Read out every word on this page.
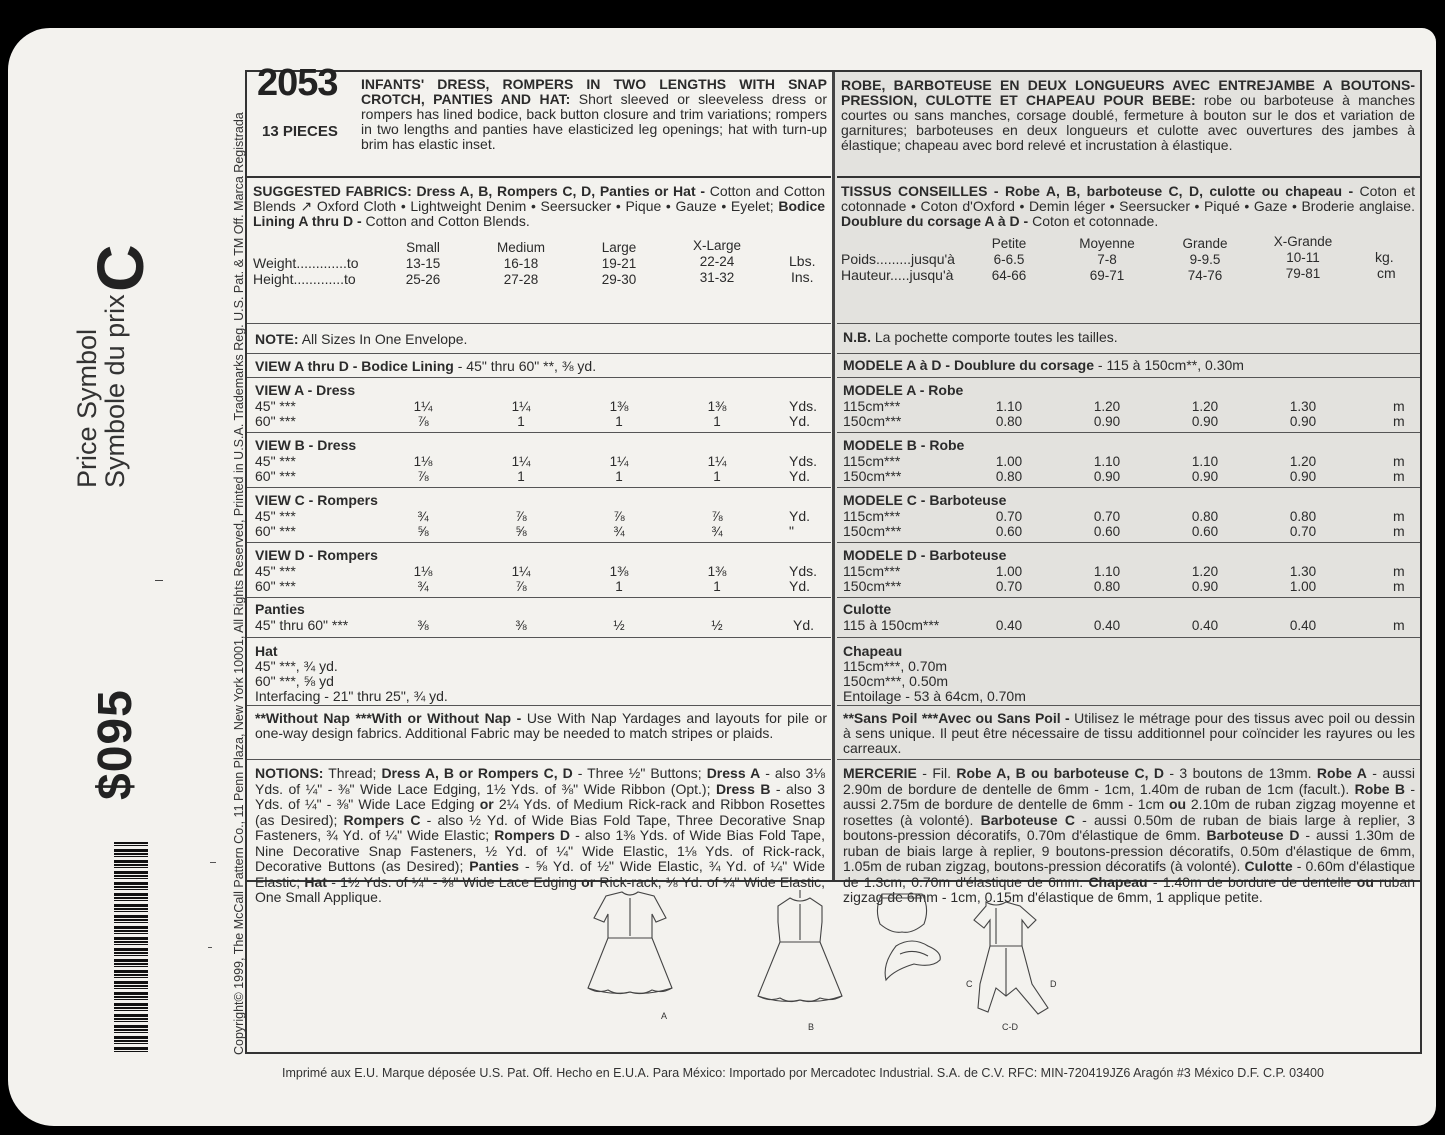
C
Price Symbol
Symbole du prix
$095	Copyright© 1999, The McCall Pattern Co., 11 Penn Plaza, New York 10001, All Rights Reserved, Printed in U.S.A. Trademarks Reg. U.S. Pat. & TM Off. Marca Registrada
2053
13 PIECES
INFANTS' DRESS, ROMPERS IN TWO LENGTHS WITH SNAP CROTCH, PANTIES AND HAT: Short sleeved or sleeveless dress or rompers has lined bodice, back button closure and trim variations; rompers in two lengths and panties have elasticized leg openings; hat with turn-up brim has elastic inset.
SUGGESTED FABRICS: Dress A, B, Rompers C, D, Panties or Hat - Cotton and Cotton Blends ↗ Oxford Cloth • Lightweight Denim • Seersucker • Pique • Gauze • Eyelet; Bodice Lining A thru D - Cotton and Cotton Blends.
Small	Medium	Large	X-Large
Weight.............to	13-15	16-18	19-21	22-24	Lbs.
Height.............to	25-26	27-28	29-30	31-32	Ins.
NOTE: All Sizes In One Envelope.
VIEW A thru D - Bodice Lining - 45" thru 60" **, ⅜ yd.
VIEW A - Dress
45" ***	1¼	1¼	1⅜	1⅜	Yds.
60" ***	⅞	1	1	1	Yd.
VIEW B - Dress
45" ***	1⅛	1¼	1¼	1¼	Yds.
60" ***	⅞	1	1	1	Yd.
VIEW C - Rompers
45" ***	¾	⅞	⅞	⅞	Yd.
60" ***	⅝	⅝	¾	¾	"
VIEW D - Rompers
45" ***	1⅛	1¼	1⅜	1⅜	Yds.
60" ***	¾	⅞	1	1	Yd.
Panties
45" thru 60" ***	⅜	⅜	½	½	Yd.
Hat
45" ***, ¾ yd.
60" ***, ⅝ yd
Interfacing - 21" thru 25", ¾ yd.
**Without Nap ***With or Without Nap - Use With Nap Yardages and layouts for pile or one-way design fabrics. Additional Fabric may be needed to match stripes or plaids.
NOTIONS: Thread; Dress A, B or Rompers C, D - Three ½" Buttons; Dress A - also 3⅛ Yds. of ¼" - ⅜" Wide Lace Edging, 1½ Yds. of ⅜" Wide Ribbon (Opt.); Dress B - also 3 Yds. of ¼" - ⅜" Wide Lace Edging or 2¼ Yds. of Medium Rick-rack and Ribbon Rosettes (as Desired); Rompers C - also ½ Yd. of Wide Bias Fold Tape, Three Decorative Snap Fasteners, ¾ Yd. of ¼" Wide Elastic; Rompers D - also 1⅜ Yds. of Wide Bias Fold Tape, Nine Decorative Snap Fasteners, ½ Yd. of ¼" Wide Elastic, 1⅛ Yds. of Rick-rack, Decorative Buttons (as Desired); Panties - ⅝ Yd. of ½" Wide Elastic, ¾ Yd. of ¼" Wide Elastic; Hat - 1½ Yds. of ¼" - ⅜" Wide Lace Edging or Rick-rack, ⅛ Yd. of ¼" Wide Elastic, One Small Applique.
ROBE, BARBOTEUSE EN DEUX LONGUEURS AVEC ENTREJAMBE A BOUTONS-PRESSION, CULOTTE ET CHAPEAU POUR BEBE: robe ou barboteuse à manches courtes ou sans manches, corsage doublé, fermeture à bouton sur le dos et variation de garnitures; barboteuses en deux longueurs et culotte avec ouvertures des jambes à élastique; chapeau avec bord relevé et incrustation à élastique.
TISSUS CONSEILLES - Robe A, B, barboteuse C, D, culotte ou chapeau - Coton et cotonnade • Coton d'Oxford • Demin léger • Seersucker • Piqué • Gaze • Broderie anglaise. Doublure du corsage A à D - Coton et cotonnade.
Petite	Moyenne	Grande	X-Grande
Poids.........jusqu'à	6-6.5	7-8	9-9.5	10-11	kg.
Hauteur.....jusqu'à	64-66	69-71	74-76	79-81	cm
N.B. La pochette comporte toutes les tailles.
MODELE A à D - Doublure du corsage - 115 à 150cm**, 0.30m
MODELE A - Robe
115cm***	1.10	1.20	1.20	1.30	m
150cm***	0.80	0.90	0.90	0.90	m
MODELE B - Robe
115cm***	1.00	1.10	1.10	1.20	m
150cm***	0.80	0.90	0.90	0.90	m
MODELE C - Barboteuse
115cm***	0.70	0.70	0.80	0.80	m
150cm***	0.60	0.60	0.60	0.70	m
MODELE D - Barboteuse
115cm***	1.00	1.10	1.20	1.30	m
150cm***	0.70	0.80	0.90	1.00	m
Culotte
115 à 150cm***	0.40	0.40	0.40	0.40	m
Chapeau
115cm***, 0.70m
150cm***, 0.50m
Entoilage - 53 à 64cm, 0.70m
**Sans Poil ***Avec ou Sans Poil - Utilisez le métrage pour des tissus avec poil ou dessin à sens unique. Il peut être nécessaire de tissu additionnel pour coïncider les rayures ou les carreaux.
MERCERIE - Fil. Robe A, B ou barboteuse C, D - 3 boutons de 13mm. Robe A - aussi 2.90m de bordure de dentelle de 6mm - 1cm, 1.40m de ruban de 1cm (facult.). Robe B - aussi 2.75m de bordure de dentelle de 6mm - 1cm ou 2.10m de ruban zigzag moyenne et rosettes (à volonté). Barboteuse C - aussi 0.50m de ruban de biais large à replier, 3 boutons-pression décoratifs, 0.70m d'élastique de 6mm. Barboteuse D - aussi 1.30m de ruban de biais large à replier, 9 boutons-pression décoratifs, 0.50m d'élastique de 6mm, 1.05m de ruban zigzag, boutons-pression décoratifs (à volonté). Culotte - 0.60m d'élastique de 1.3cm, 0.70m d'élastique de 6mm. Chapeau - 1.40m de bordure de dentelle ou ruban zigzag de 6mm - 1cm, 0.15m d'élastique de 6mm, 1 applique petite.
A
B
C	D
C-D
Imprimé aux E.U. Marque déposée U.S. Pat. Off. Hecho en E.U.A. Para México: Importado por Mercadotec Industrial. S.A. de C.V. RFC: MIN-720419JZ6 Aragón #3 México D.F. C.P. 03400
